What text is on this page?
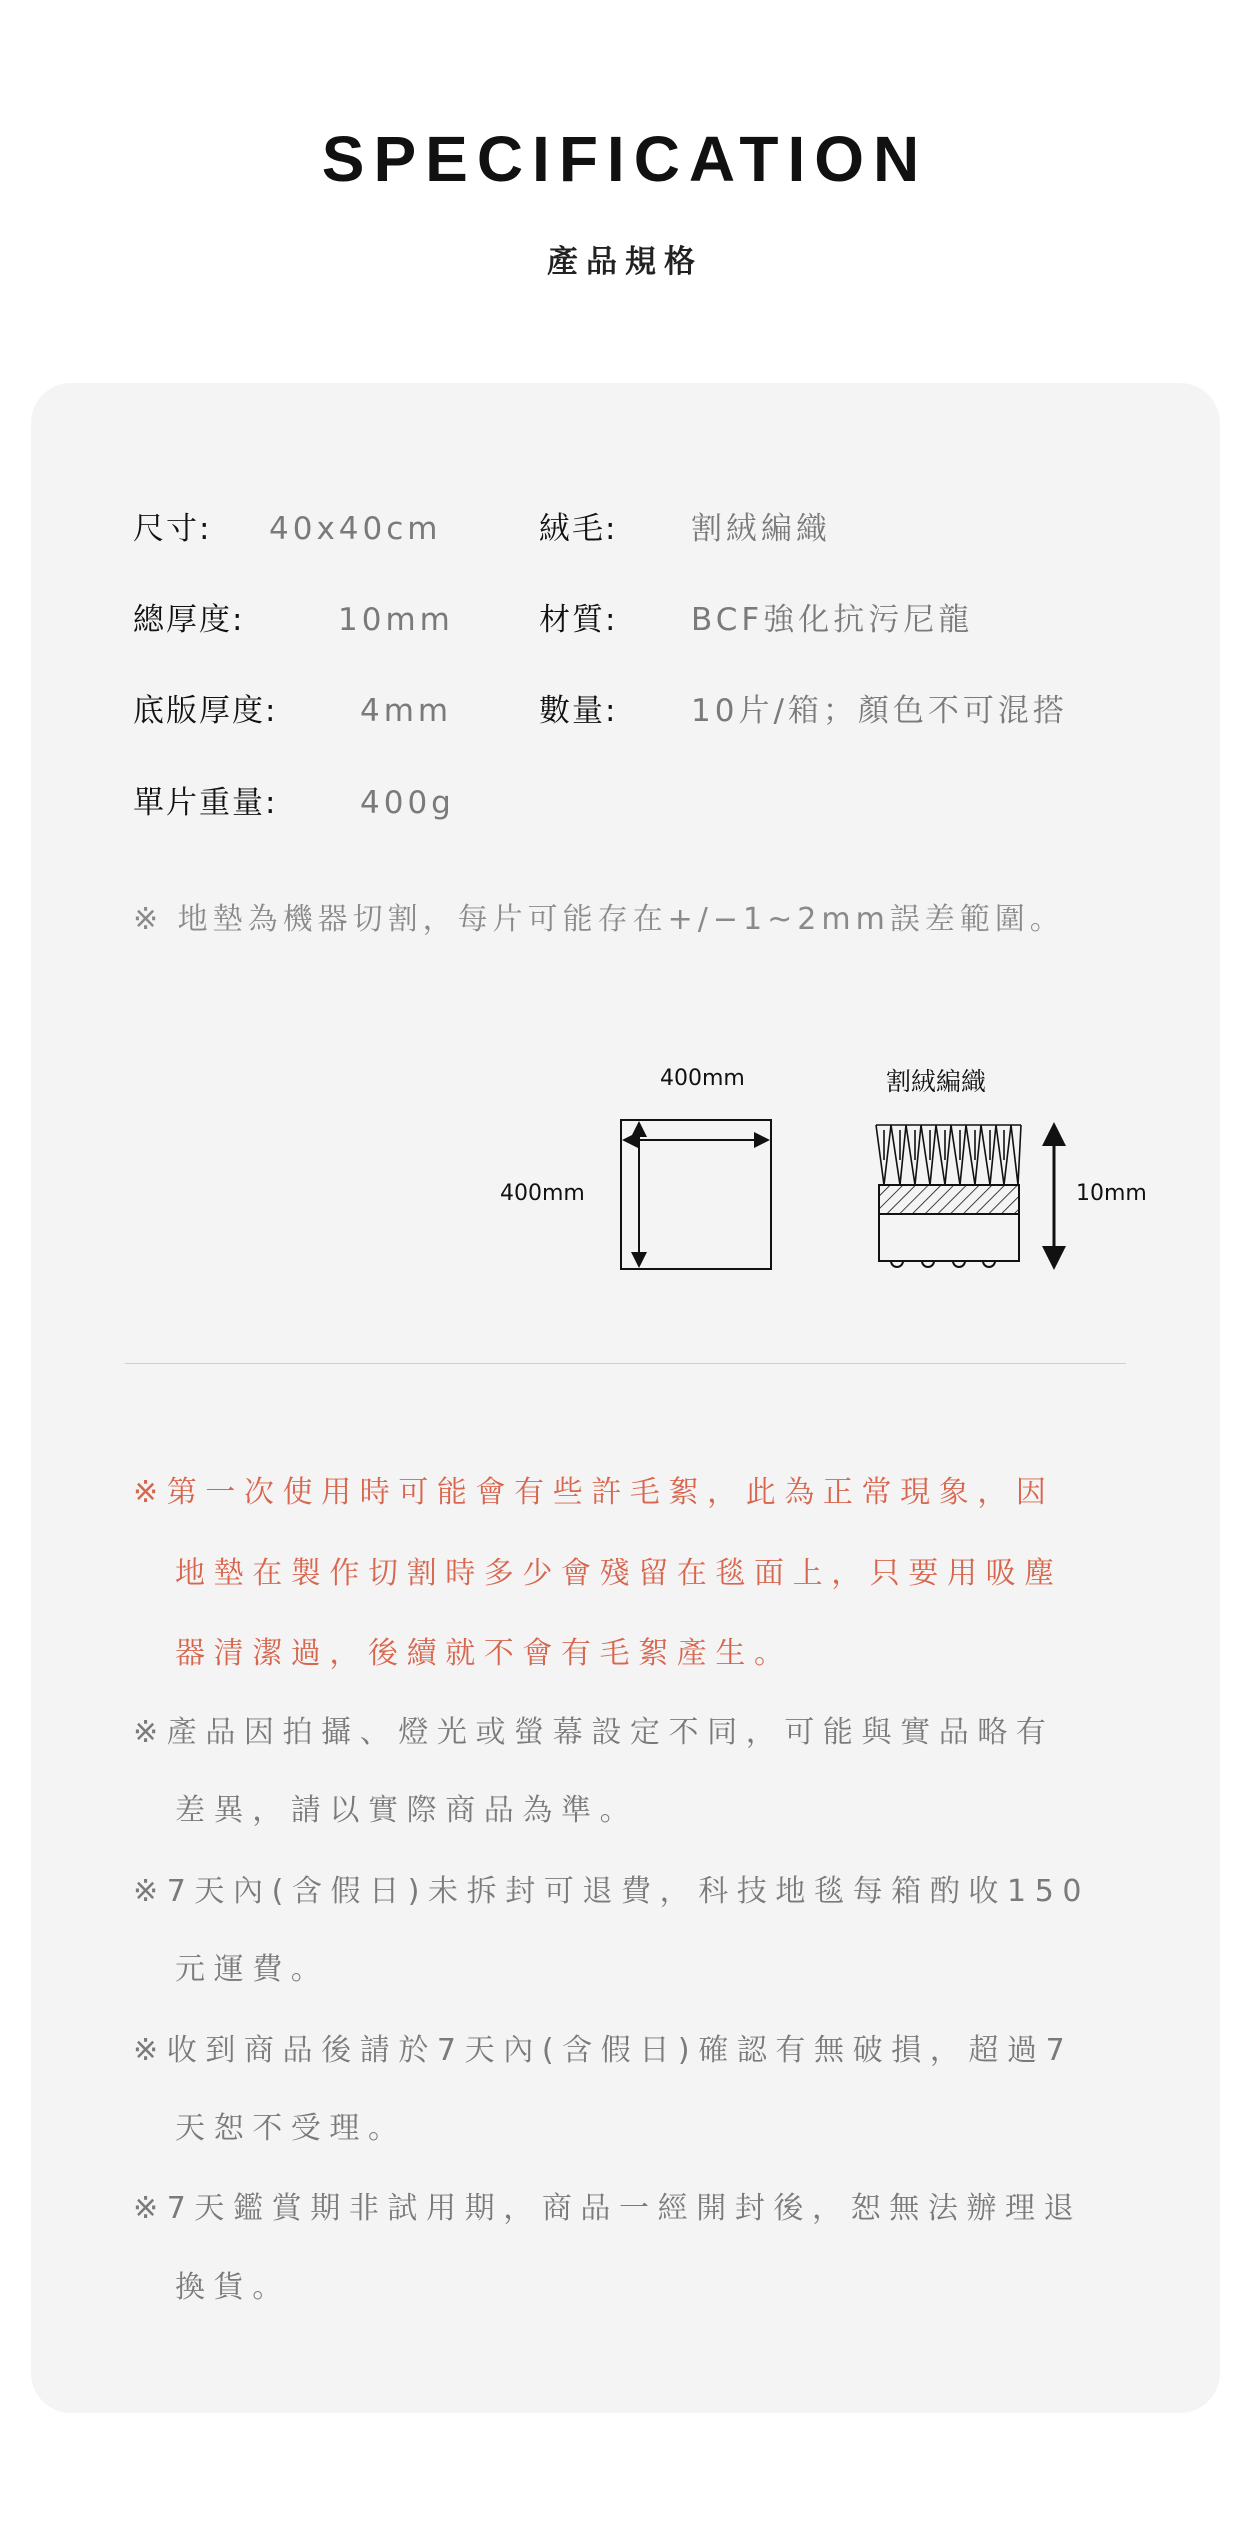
SPECIFICATION
產品規格
尺寸: 40x40cm	絨毛: 割絨編織
總厚度:	10mm	材質: BCF強化抗污尼龍
底版厚度:	4mm	數量: 10片/箱；顏色不可混搭
單片重量:	400g
※ 地墊為機器切割，每片可能存在+/−1~2mm誤差範圍。
400mm
400mm
割絨編織
10mm
※第一次使用時可能會有些許毛絮，此為正常現象，因
地墊在製作切割時多少會殘留在毯面上，只要用吸塵
器清潔過，後續就不會有毛絮產生。
※產品因拍攝、燈光或螢幕設定不同，可能與實品略有
差異，請以實際商品為準。
※7天內(含假日)未拆封可退費，科技地毯每箱酌收150
元運費。
※收到商品後請於7天內(含假日)確認有無破損，超過7
天恕不受理。
※7天鑑賞期非試用期，商品一經開封後，恕無法辦理退
換貨。
